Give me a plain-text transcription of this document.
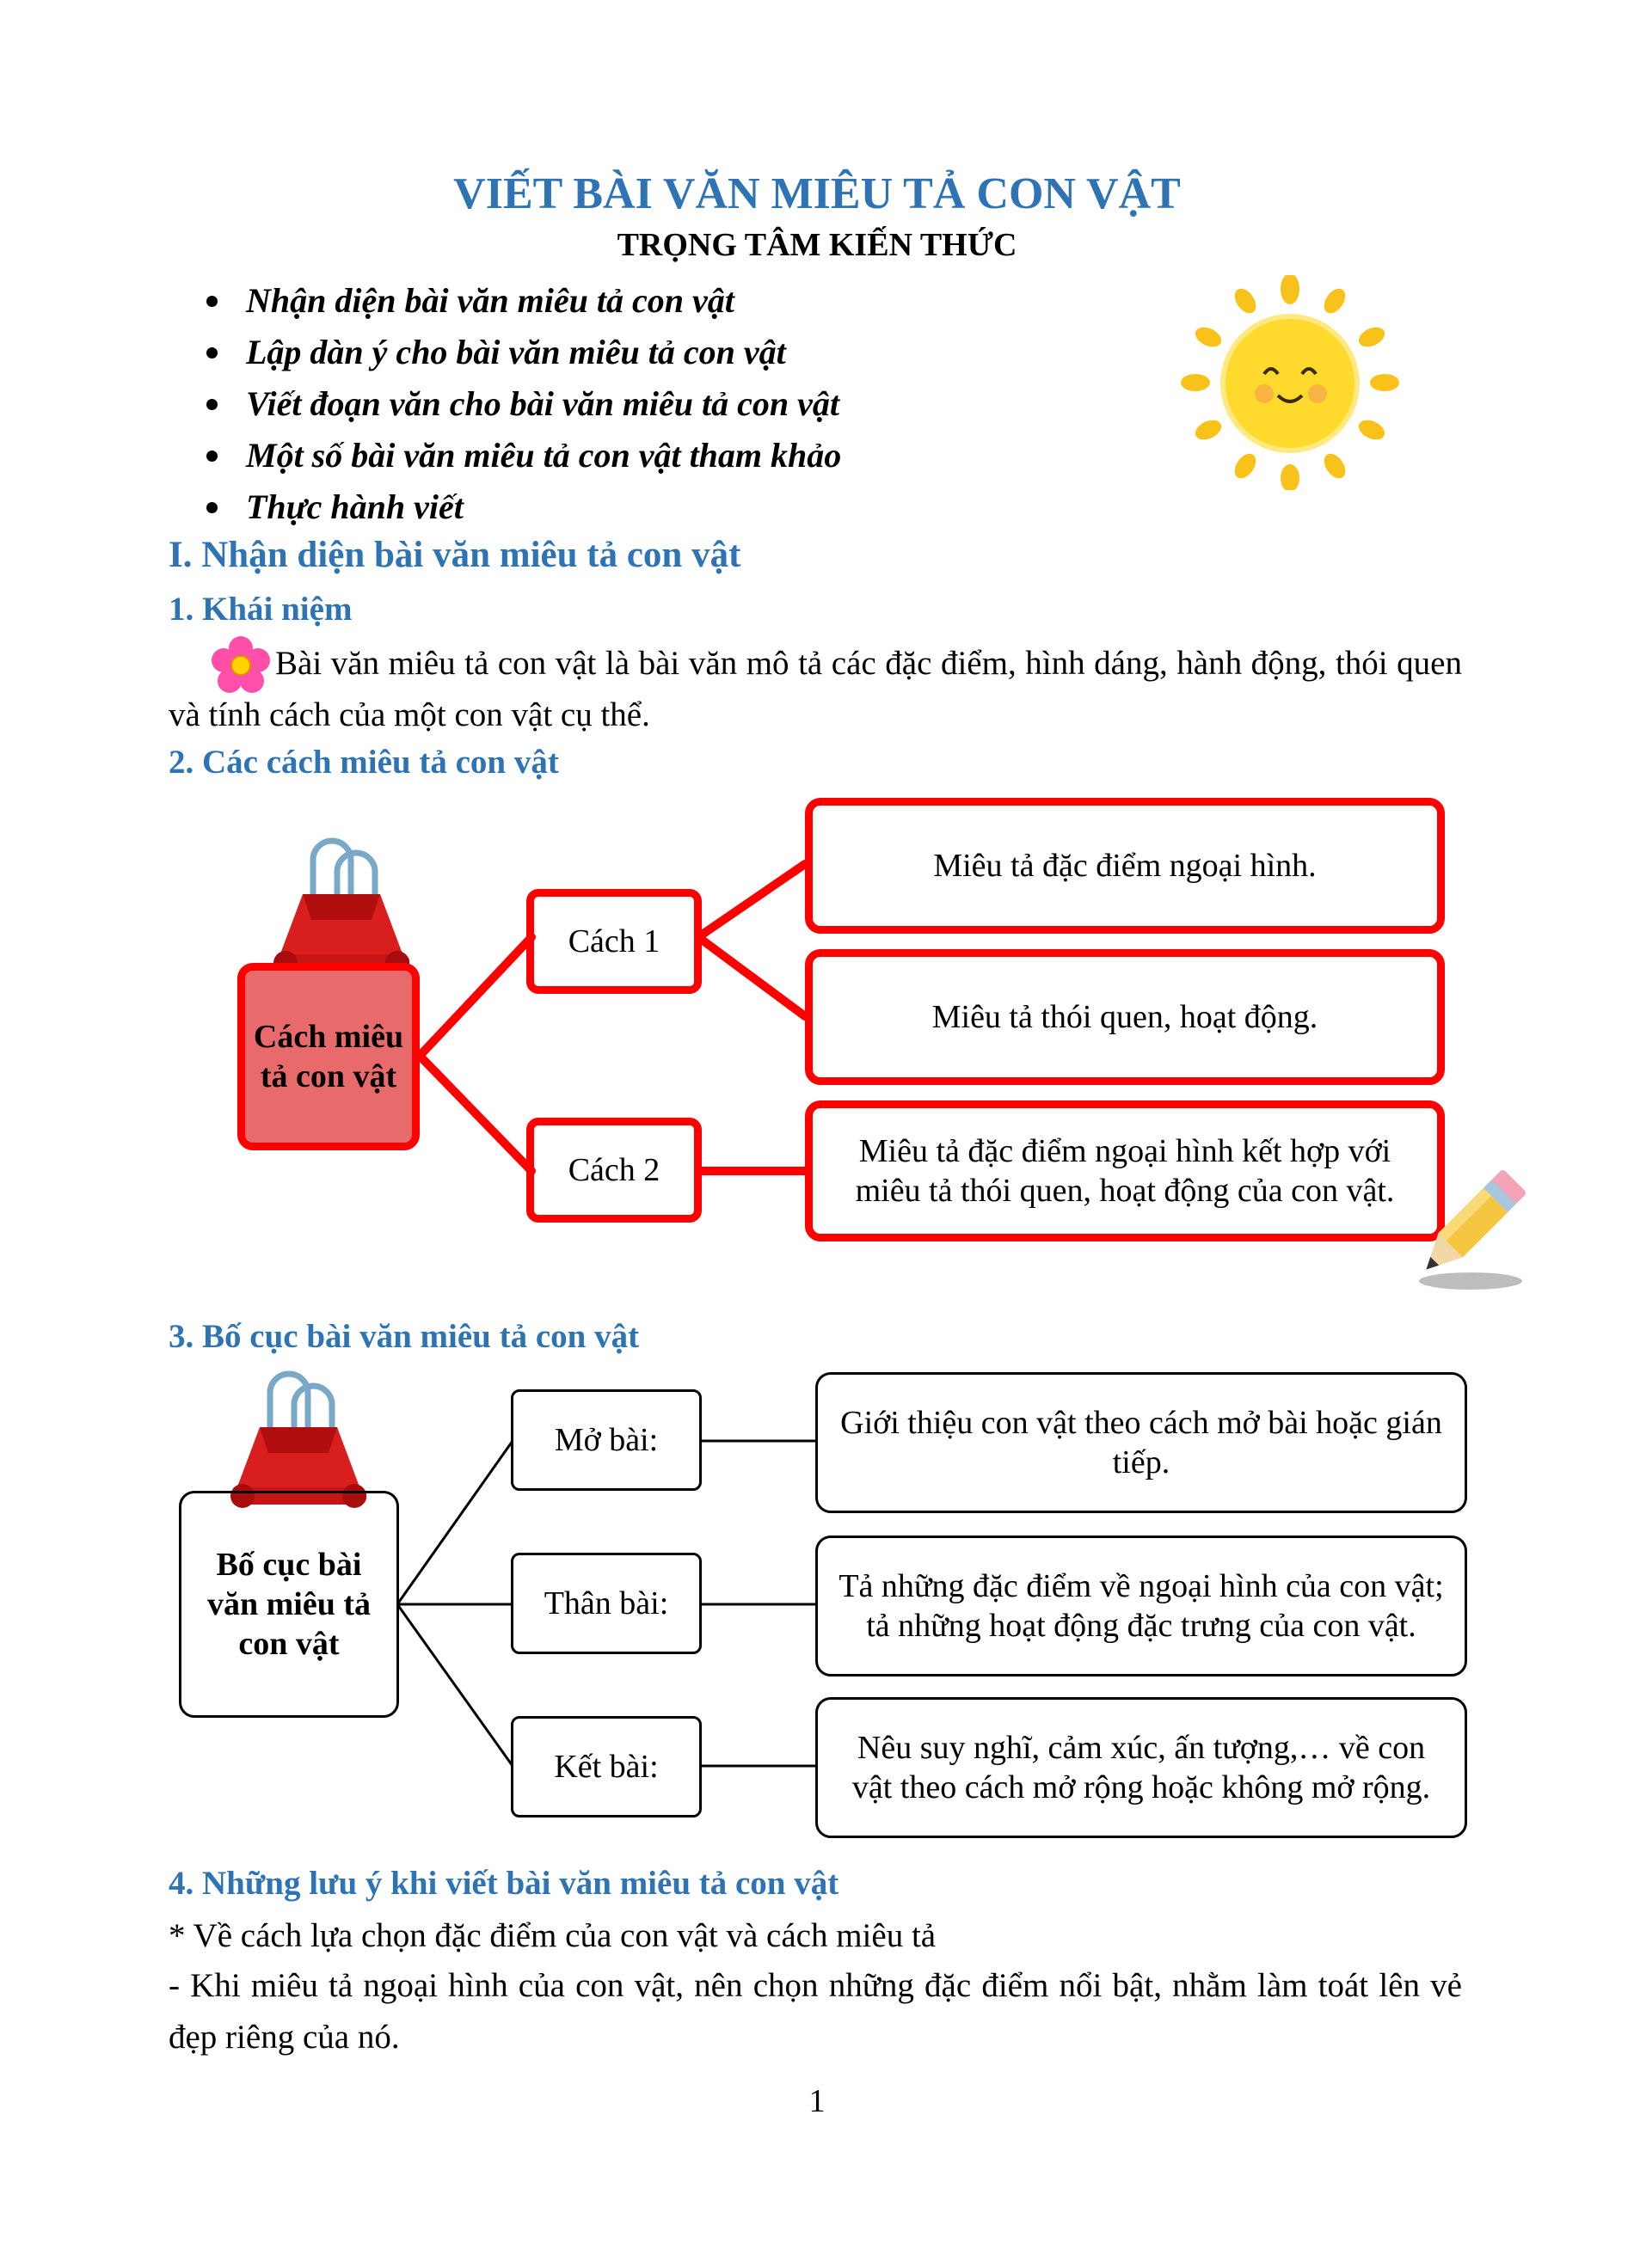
VIẾT BÀI VĂN MIÊU TẢ CON VẬT
TRỌNG TÂM KIẾN THỨC
Nhận diện bài văn miêu tả con vật
Lập dàn ý cho bài văn miêu tả con vật
Viết đoạn văn cho bài văn miêu tả con vật
Một số bài văn miêu tả con vật tham khảo
Thực hành viết
I. Nhận diện bài văn miêu tả con vật
1. Khái niệm
Bài văn miêu tả con vật là bài văn mô tả các đặc điểm, hình dáng, hành động, thói quen và tính cách của một con vật cụ thể.
2. Các cách miêu tả con vật
Cách miêu tả con vật
Cách 1
Cách 2
Miêu tả đặc điểm ngoại hình.
Miêu tả thói quen, hoạt động.
Miêu tả đặc điểm ngoại hình kết hợp với miêu tả thói quen, hoạt động của con vật.
3. Bố cục bài văn miêu tả con vật
Bố cục bài văn miêu tả con vật
Mở bài:
Thân bài:
Kết bài:
Giới thiệu con vật theo cách mở bài hoặc gián tiếp.
Tả những đặc điểm về ngoại hình của con vật; tả những hoạt động đặc trưng của con vật.
Nêu suy nghĩ, cảm xúc, ấn tượng,… về con vật theo cách mở rộng hoặc không mở rộng.
4. Những lưu ý khi viết bài văn miêu tả con vật
* Về cách lựa chọn đặc điểm của con vật và cách miêu tả
- Khi miêu tả ngoại hình của con vật, nên chọn những đặc điểm nổi bật, nhằm làm toát lên vẻ đẹp riêng của nó.
1
